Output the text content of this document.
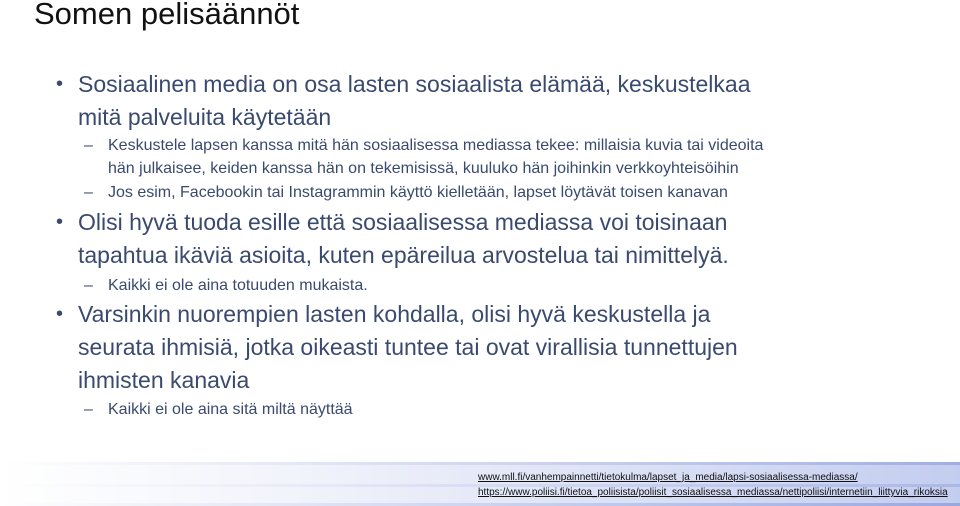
Somen pelisäännöt
• Sosiaalinen media on osa lasten sosiaalista elämää, keskustelkaa
mitä palveluita käytetään
– Keskustele lapsen kanssa mitä hän sosiaalisessa mediassa tekee: millaisia kuvia tai videoita
hän julkaisee, keiden kanssa hän on tekemisissä, kuuluko hän joihinkin verkkoyhteisöihin
– Jos esim, Facebookin tai Instagrammin käyttö kielletään, lapset löytävät toisen kanavan
• Olisi hyvä tuoda esille että sosiaalisessa mediassa voi toisinaan
tapahtua ikäviä asioita, kuten epäreilua arvostelua tai nimittelyä.
– Kaikki ei ole aina totuuden mukaista.
• Varsinkin nuorempien lasten kohdalla, olisi hyvä keskustella ja
seurata ihmisiä, jotka oikeasti tuntee tai ovat virallisia tunnettujen
ihmisten kanavia
– Kaikki ei ole aina sitä miltä näyttää
www.mll.fi/vanhempainnetti/tietokulma/lapset_ja_media/lapsi-sosiaalisessa-mediassa/
https://www.poliisi.fi/tietoa_poliisista/poliisit_sosiaalisessa_mediassa/nettipoliisi/internetiin_liittyvia_rikoksia
